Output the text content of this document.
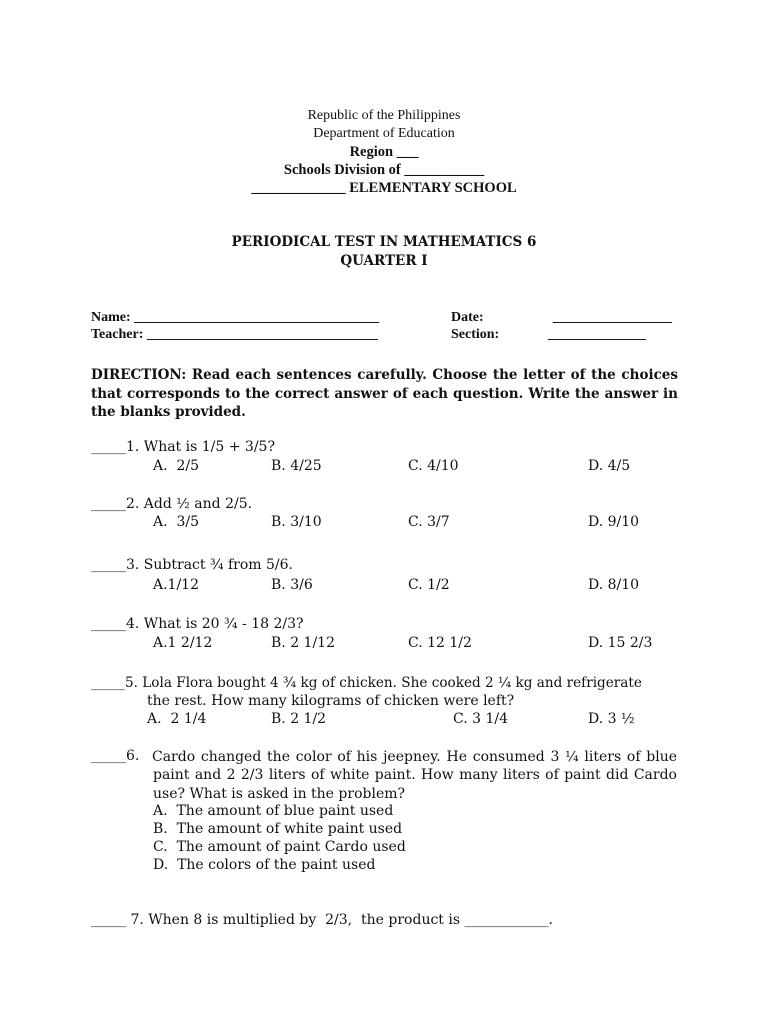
Republic of the Philippines
Department of Education
Region ___
Schools Division of ___________
_____________ ELEMENTARY SCHOOL
PERIODICAL TEST IN MATHEMATICS 6
QUARTER I
Name: ___________________________________
Teacher: _________________________________
Date:	_________________
Section:	______________
DIRECTION: Read each sentences carefully. Choose the letter of the choices that corresponds to the correct answer of each question. Write the answer in the blanks provided.
_____1. What is 1/5 + 3/5?
A.  2/5	B. 4/25	C. 4/10	D. 4/5
_____2. Add ½ and 2/5.
A.  3/5	B. 3/10	C. 3/7	D. 9/10
_____3. Subtract ¾ from 5/6.
A.1/12	B. 3/6	C. 1/2	D. 8/10
_____4. What is 20 ¾ - 18 2/3?
A.1 2/12	B. 2 1/12	C. 12 1/2	D. 15 2/3
_____5. Lola Flora bought 4 ¾ kg of chicken. She cooked 2 ¼ kg and refrigerate
the rest. How many kilograms of chicken were left?
A.  2 1/4	B. 2 1/2	C. 3 1/4	D. 3 ½
_____6. Cardo changed the color of his jeepney. He consumed 3 ¼ liters of blue paint and 2 2/3 liters of white paint. How many liters of paint did Cardo use? What is asked in the problem?
A.  The amount of blue paint used
B.  The amount of white paint used
C.  The amount of paint Cardo used
D.  The colors of the paint used
_____ 7. When 8 is multiplied by  2/3,  the product is ____________.
